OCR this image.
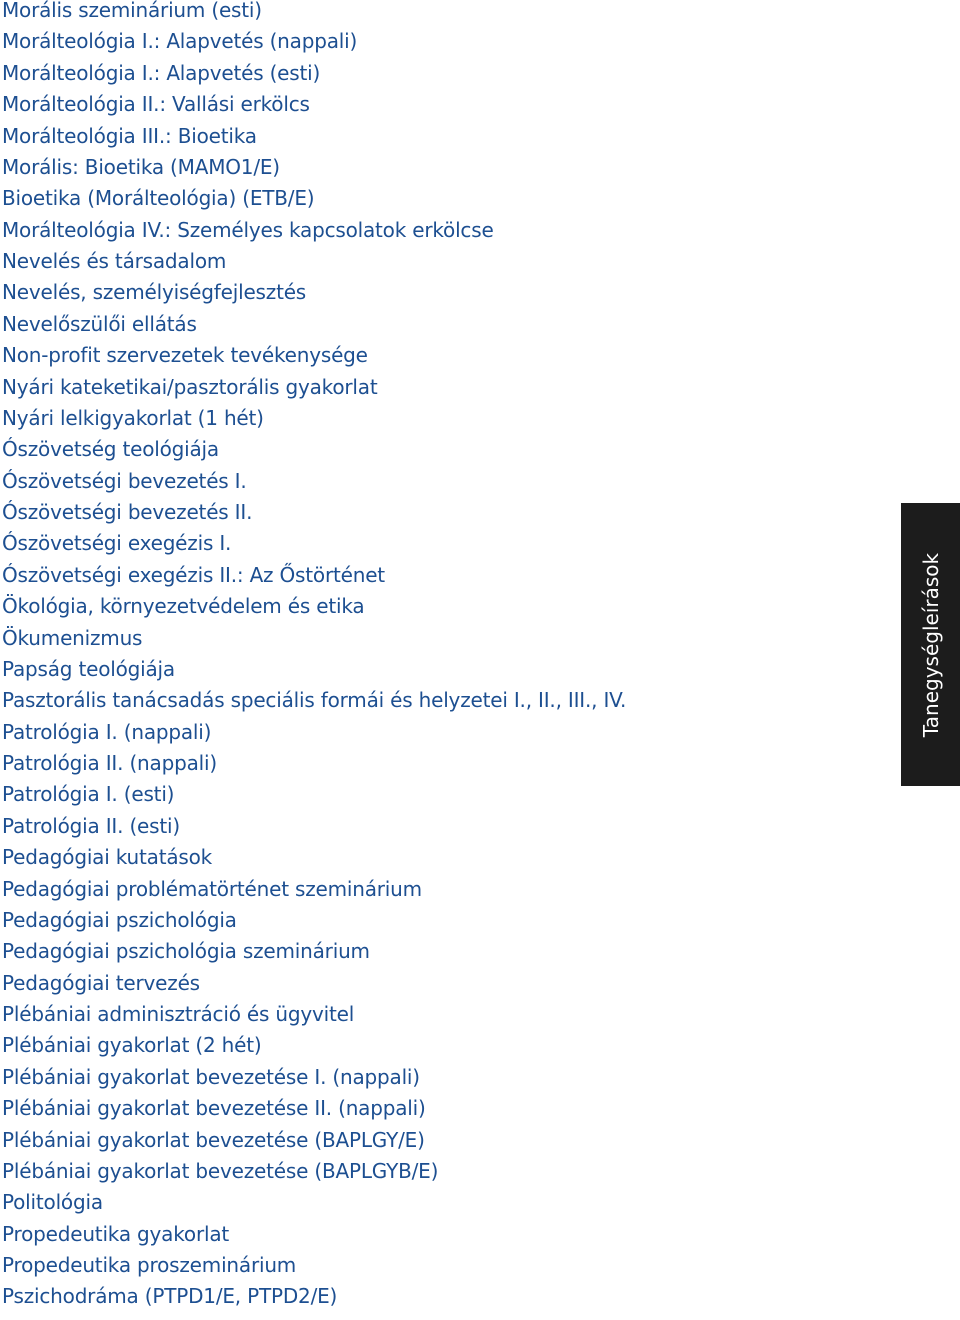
Morális szeminárium (esti)
Morálteológia I.: Alapvetés (nappali)
Morálteológia I.: Alapvetés (esti)
Morálteológia II.: Vallási erkölcs
Morálteológia III.: Bioetika
Morális: Bioetika (MAMO1/E)
Bioetika (Morálteológia) (ETB/E)
Morálteológia IV.: Személyes kapcsolatok erkölcse
Nevelés és társadalom
Nevelés, személyiségfejlesztés
Nevelőszülői ellátás
Non-profit szervezetek tevékenysége
Nyári kateketikai/pasztorális gyakorlat
Nyári lelkigyakorlat (1 hét)
Ószövetség teológiája
Ószövetségi bevezetés I.
Ószövetségi bevezetés II.
Ószövetségi exegézis I.
Ószövetségi exegézis II.: Az Őstörténet
Ökológia, környezetvédelem és etika
Ökumenizmus
Papság teológiája
Pasztorális tanácsadás speciális formái és helyzetei I., II., III., IV.
Patrológia I. (nappali)
Patrológia II. (nappali)
Patrológia I. (esti)
Patrológia II. (esti)
Pedagógiai kutatások
Pedagógiai problématörténet szeminárium
Pedagógiai pszichológia
Pedagógiai pszichológia szeminárium
Pedagógiai tervezés
Plébániai adminisztráció és ügyvitel
Plébániai gyakorlat (2 hét)
Plébániai gyakorlat bevezetése I. (nappali)
Plébániai gyakorlat bevezetése II. (nappali)
Plébániai gyakorlat bevezetése (BAPLGY/E)
Plébániai gyakorlat bevezetése (BAPLGYB/E)
Politológia
Propedeutika gyakorlat
Propedeutika proszeminárium
Pszichodráma (PTPD1/E, PTPD2/E)
Tanegységleírások
